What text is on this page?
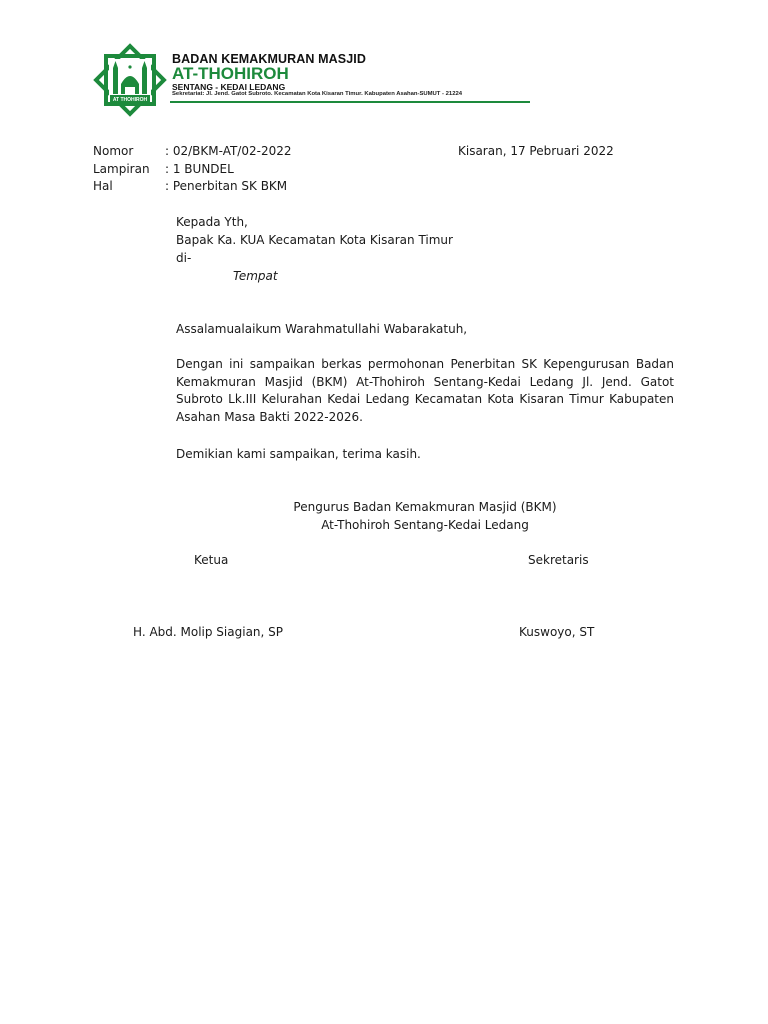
AT THOHIROH
BADAN KEMAKMURAN MASJID
AT-THOHIROH
SENTANG - KEDAI LEDANG
Sekretariat: Jl. Jend. Gatot Subroto. Kecamatan Kota Kisaran Timur. Kabupaten Asahan-SUMUT - 21224
Nomor	: 02/BKM-AT/02-2022	Kisaran, 17 Pebruari 2022
Lampiran : 1 BUNDEL
Hal	: Penerbitan SK BKM
Kepada Yth,
Bapak Ka. KUA Kecamatan Kota Kisaran Timur
di-
Tempat
Assalamualaikum Warahmatullahi Wabarakatuh,
Dengan ini sampaikan berkas permohonan Penerbitan SK Kepengurusan Badan Kemakmuran Masjid (BKM) At-Thohiroh Sentang-Kedai Ledang Jl. Jend. Gatot Subroto Lk.III Kelurahan Kedai Ledang Kecamatan Kota Kisaran Timur Kabupaten Asahan Masa Bakti 2022-2026.
Demikian kami sampaikan, terima kasih.
Pengurus Badan Kemakmuran Masjid (BKM)
At-Thohiroh Sentang-Kedai Ledang
Ketua	Sekretaris
H. Abd. Molip Siagian, SP	Kuswoyo, ST
